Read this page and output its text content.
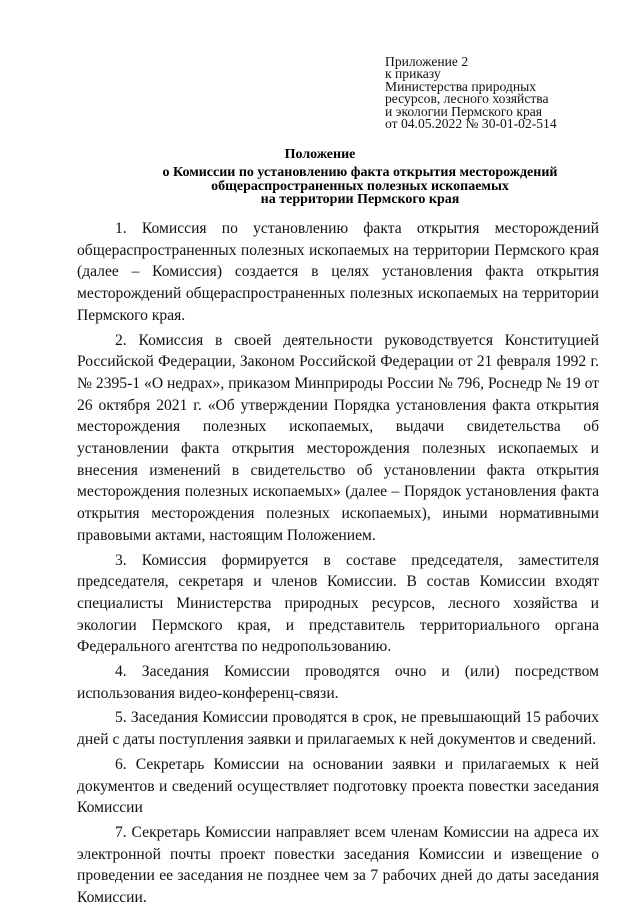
Приложение 2
к приказу
Министерства природных
ресурсов, лесного хозяйства
и экологии Пермского края
от 04.05.2022 № 30-01-02-514
Положение
о Комиссии по установлению факта открытия месторождений
общераспространенных полезных ископаемых
на территории Пермского края

1. Комиссия по установлению факта открытия месторождений общераспространенных полезных ископаемых на территории Пермского края (далее – Комиссия) создается в целях установления факта открытия месторождений общераспространенных полезных ископаемых на территории Пермского края.

2. Комиссия в своей деятельности руководствуется Конституцией Российской Федерации, Законом Российской Федерации от 21 февраля 1992 г. № 2395-1 «О недрах», приказом Минприроды России № 796, Роснедр № 19 от 26 октября 2021 г. «Об утверждении Порядка установления факта открытия месторождения полезных ископаемых, выдачи свидетельства об установлении факта открытия месторождения полезных ископаемых и внесения изменений в свидетельство об установлении факта открытия месторождения полезных ископаемых» (далее – Порядок установления факта открытия месторождения полезных ископаемых), иными нормативными правовыми актами, настоящим Положением.

3. Комиссия формируется в составе председателя, заместителя председателя, секретаря и членов Комиссии. В состав Комиссии входят специалисты Министерства природных ресурсов, лесного хозяйства и экологии Пермского края, и представитель территориального органа Федерального агентства по недропользованию.

4. Заседания Комиссии проводятся очно и (или) посредством использования видео-конференц-связи.

5. Заседания Комиссии проводятся в срок, не превышающий 15 рабочих дней с даты поступления заявки и прилагаемых к ней документов и сведений.

6. Секретарь Комиссии на основании заявки и прилагаемых к ней документов и сведений осуществляет подготовку проекта повестки заседания Комиссии

7. Секретарь Комиссии направляет всем членам Комиссии на адреса их электронной почты проект повестки заседания Комиссии и извещение о проведении ее заседания не позднее чем за 7 рабочих дней до даты заседания Комиссии.
